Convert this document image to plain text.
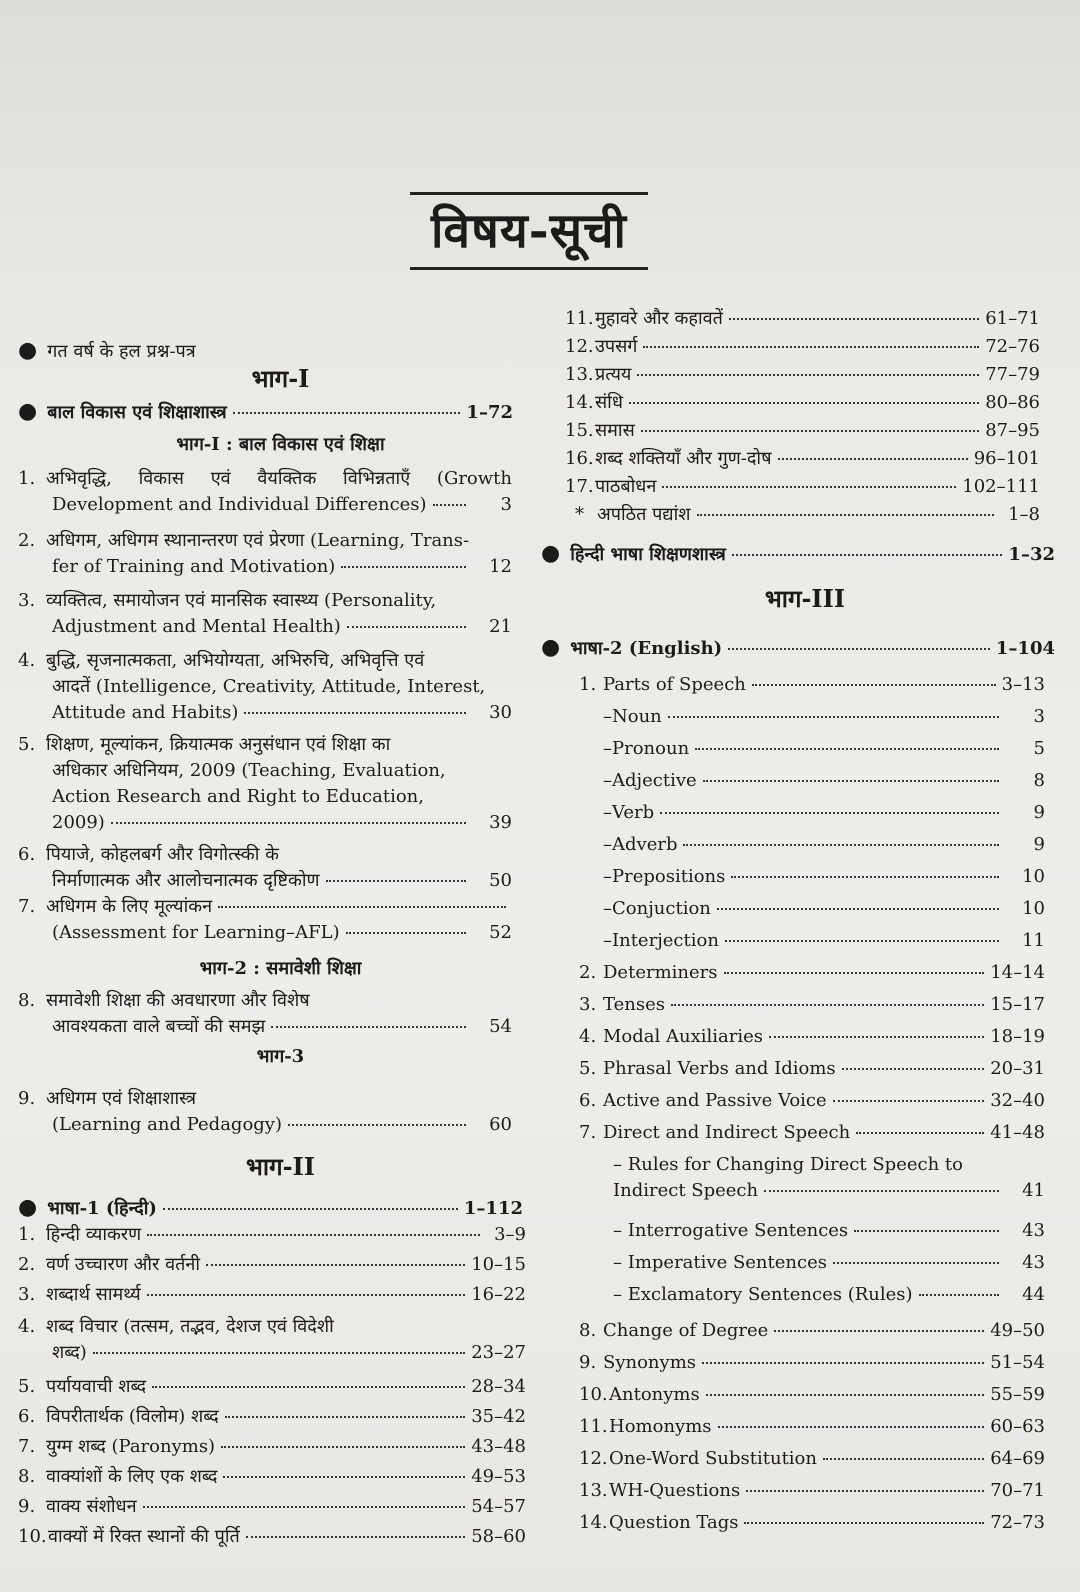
विषय-सूची
● गत वर्ष के हल प्रश्न-पत्र
भाग-I
● बाल विकास एवं शिक्षाशास्त्र	1–72
भाग-I : बाल विकास एवं शिक्षा
1. अभिवृद्धि, विकास एवं वैयक्तिक विभिन्नताएँ (Growth
Development and Individual Differences)	3
2. अधिगम, अधिगम स्थानान्तरण एवं प्रेरणा (Learning, Trans-
fer of Training and Motivation)	12
3. व्यक्तित्व, समायोजन एवं मानसिक स्वास्थ्य (Personality,
Adjustment and Mental Health)	21
4. बुद्धि, सृजनात्मकता, अभियोग्यता, अभिरुचि, अभिवृत्ति एवं
आदतें (Intelligence, Creativity, Attitude, Interest,
Attitude and Habits)	30
5. शिक्षण, मूल्यांकन, क्रियात्मक अनुसंधान एवं शिक्षा का
अधिकार अधिनियम, 2009 (Teaching, Evaluation,
Action Research and Right to Education,
2009)	39
6. पियाजे, कोहलबर्ग और विगोत्स्की के
निर्माणात्मक और आलोचनात्मक दृष्टिकोण	50
7. अधिगम के लिए मूल्यांकन
(Assessment for Learning–AFL)	52
भाग-2 : समावेशी शिक्षा
8. समावेशी शिक्षा की अवधारणा और विशेष
आवश्यकता वाले बच्चों की समझ	54
भाग-3
9. अधिगम एवं शिक्षाशास्त्र
(Learning and Pedagogy)	60
भाग-II
● भाषा-1 (हिन्दी)	1–112
1. हिन्दी व्याकरण	3–9
2. वर्ण उच्चारण और वर्तनी	10–15
3. शब्दार्थ सामर्थ्य	16–22
4. शब्द विचार (तत्सम, तद्भव, देशज एवं विदेशी
शब्द)	23–27
5. पर्यायवाची शब्द	28–34
6. विपरीतार्थक (विलोम) शब्द	35–42
7. युग्म शब्द (Paronyms)	43–48
8. वाक्यांशों के लिए एक शब्द	49–53
9. वाक्य संशोधन	54–57
10. वाक्यों में रिक्त स्थानों की पूर्ति	58–60
11. मुहावरे और कहावतें	61–71
12. उपसर्ग	72–76
13. प्रत्यय	77–79
14. संधि	80–86
15. समास	87–95
16. शब्द शक्तियाँ और गुण-दोष	96–101
17. पाठबोधन	102–111
* अपठित पद्यांश	1–8
● हिन्दी भाषा शिक्षणशास्त्र	1–32
भाग-III
● भाषा-2 (English)	1–104
1. Parts of Speech	3–13
–Noun	3
–Pronoun	5
–Adjective	8
–Verb	9
–Adverb	9
–Prepositions	10
–Conjuction	10
–Interjection	11
2. Determiners	14–14
3. Tenses	15–17
4. Modal Auxiliaries	18–19
5. Phrasal Verbs and Idioms	20–31
6. Active and Passive Voice	32–40
7. Direct and Indirect Speech	41–48
– Rules for Changing Direct Speech to
Indirect Speech	41
– Interrogative Sentences	43
– Imperative Sentences	43
– Exclamatory Sentences (Rules)	44
8. Change of Degree	49–50
9. Synonyms	51–54
10. Antonyms	55–59
11. Homonyms	60–63
12. One-Word Substitution	64–69
13. WH-Questions	70–71
14. Question Tags	72–73
